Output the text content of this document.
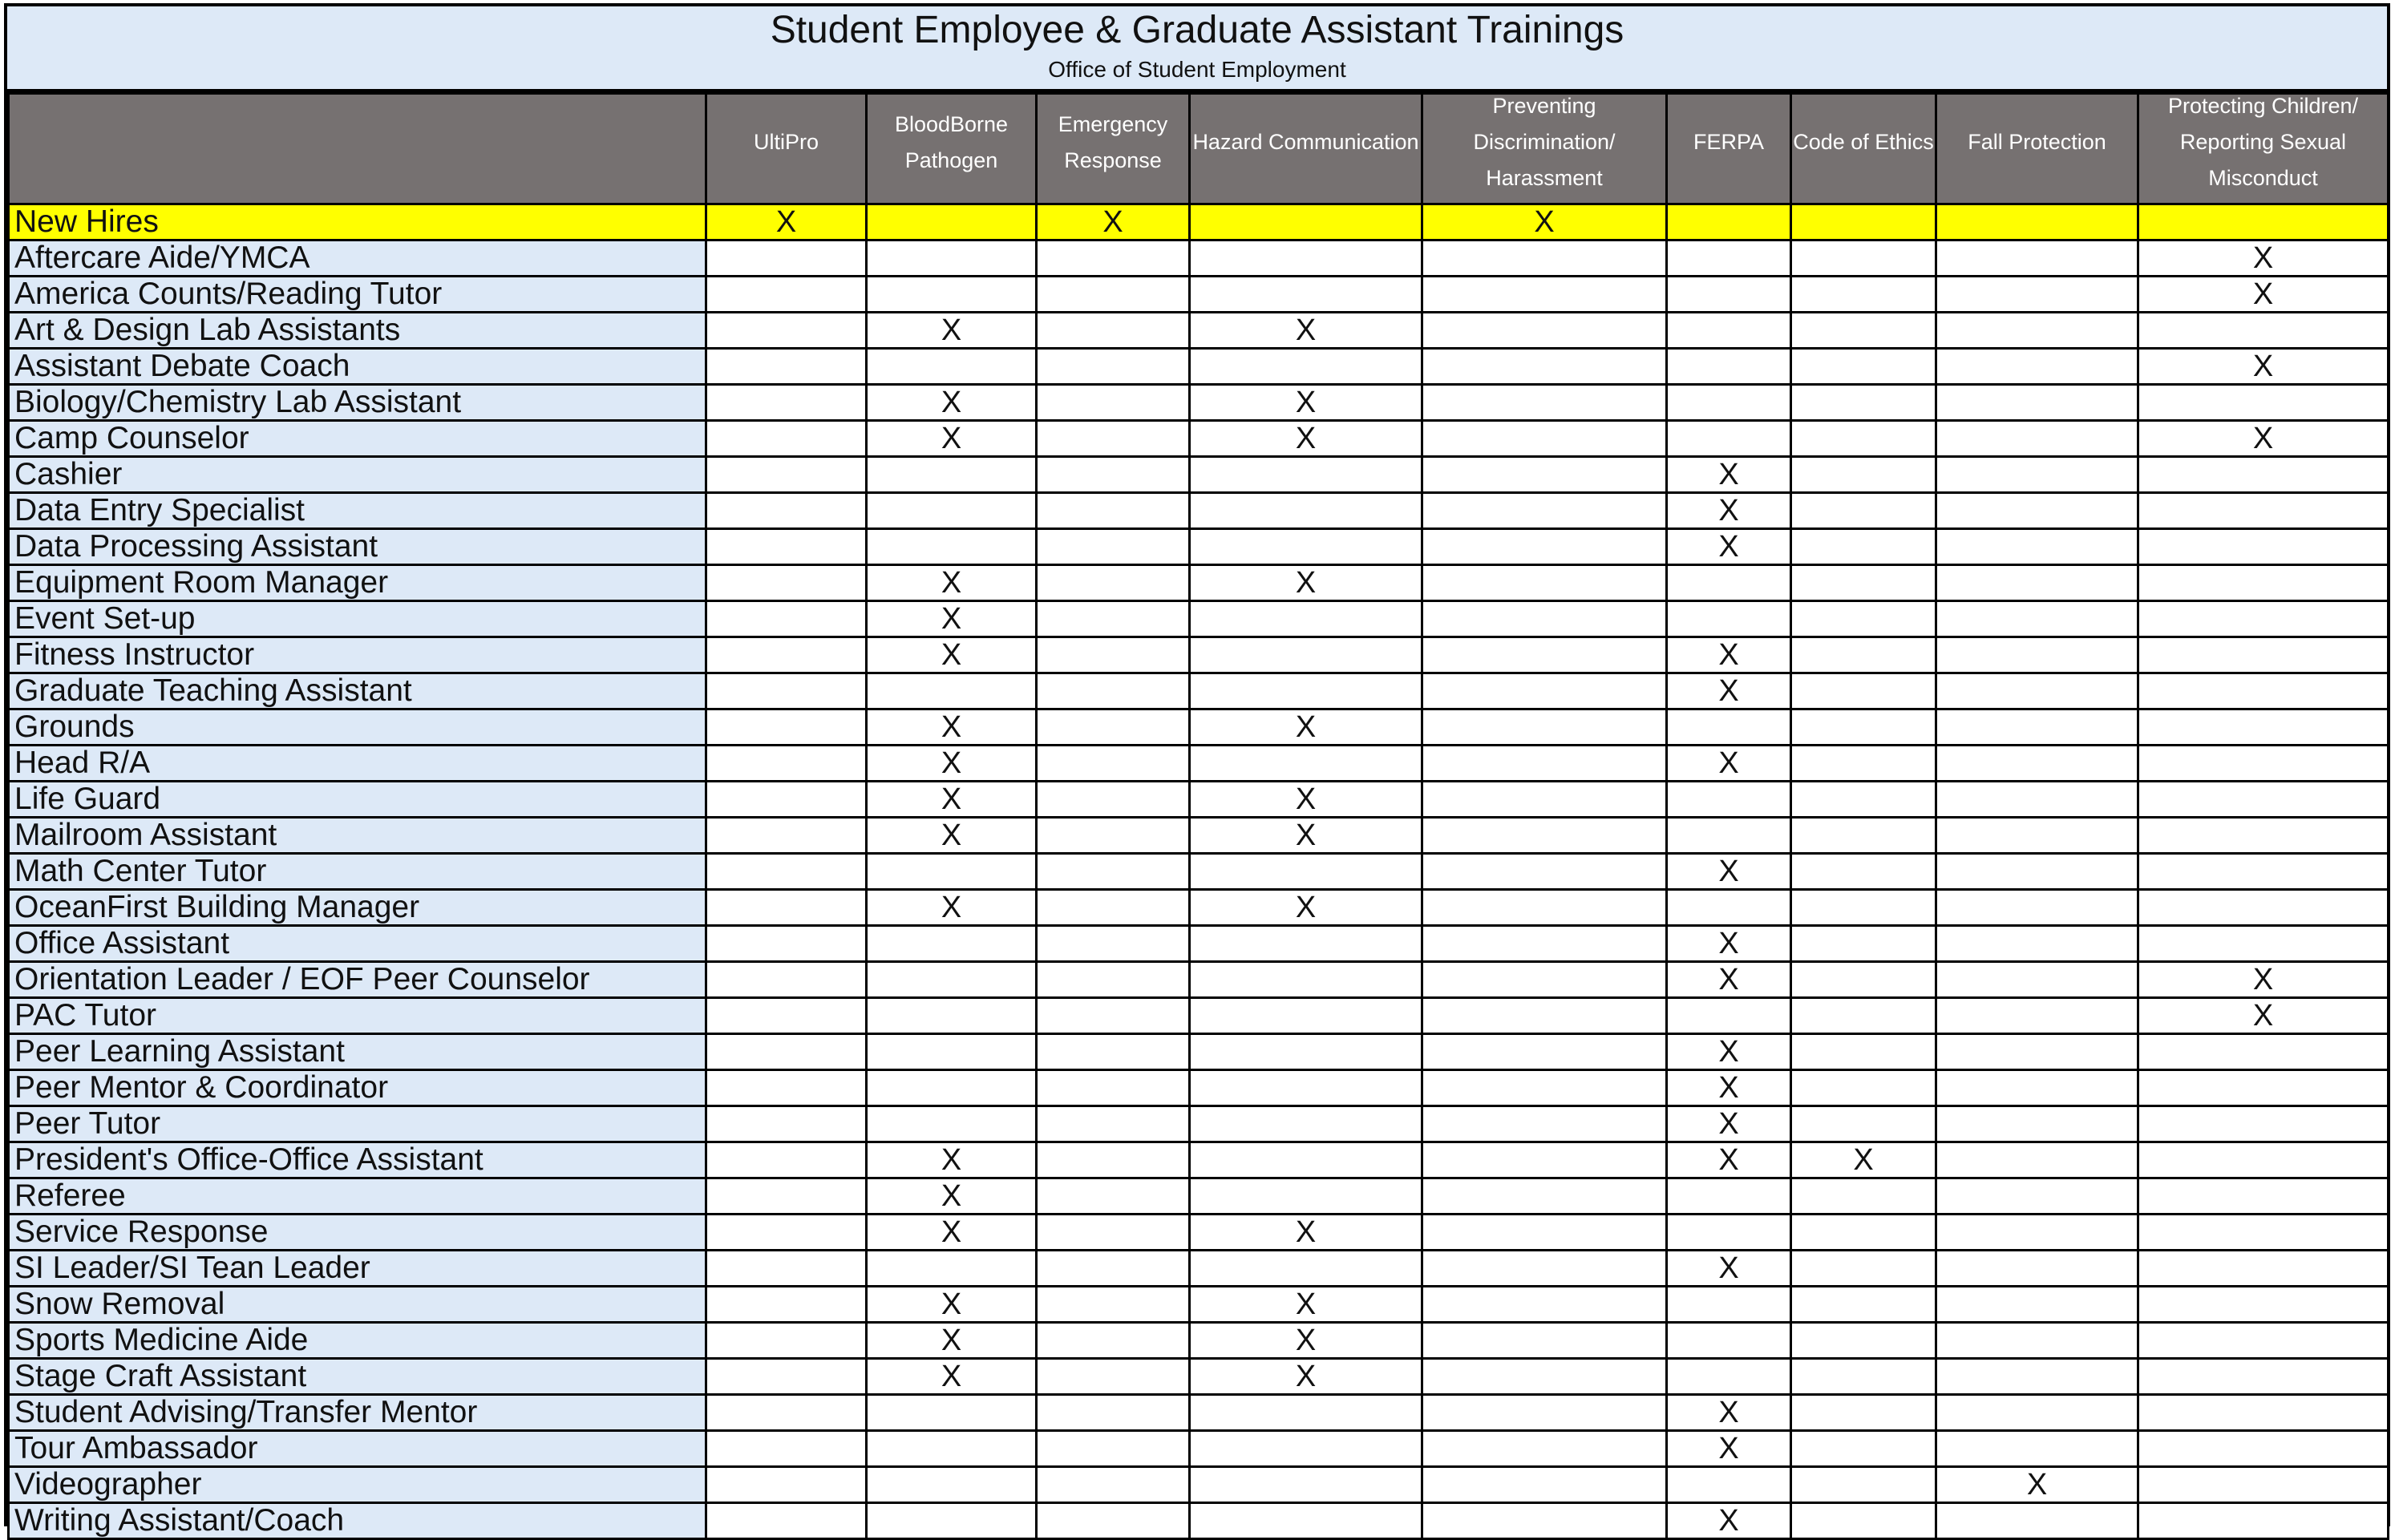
Student Employee & Graduate Assistant Trainings
Office of Student Employment

	UltiPro	BloodBorne Pathogen	Emergency Response	Hazard Communication	Preventing Discrimination/ Harassment	FERPA	Code of Ethics	Fall Protection	Protecting Children/ Reporting Sexual Misconduct

New Hires	X		X		X				
Aftercare Aide/YMCA									X
America Counts/Reading Tutor									X
Art & Design Lab Assistants		X		X					
Assistant Debate Coach									X
Biology/Chemistry Lab Assistant		X		X					
Camp Counselor		X		X					X
Cashier						X			
Data Entry Specialist						X			
Data Processing Assistant						X			
Equipment Room Manager		X		X					
Event Set-up		X							
Fitness Instructor		X				X			
Graduate Teaching Assistant						X			
Grounds		X		X					
Head R/A		X				X			
Life Guard		X		X					
Mailroom Assistant		X		X					
Math Center Tutor						X			
OceanFirst Building Manager		X		X					
Office Assistant						X			
Orientation Leader / EOF Peer Counselor						X			X
PAC Tutor									X
Peer Learning Assistant						X			
Peer Mentor & Coordinator						X			
Peer Tutor						X			
President's Office-Office Assistant		X				X	X		
Referee		X							
Service Response		X		X					
SI Leader/SI Tean Leader						X			
Snow Removal		X		X					
Sports Medicine Aide		X		X					
Stage Craft Assistant		X		X					
Student Advising/Transfer Mentor						X			
Tour Ambassador						X			
Videographer								X	
Writing Assistant/Coach						X			
